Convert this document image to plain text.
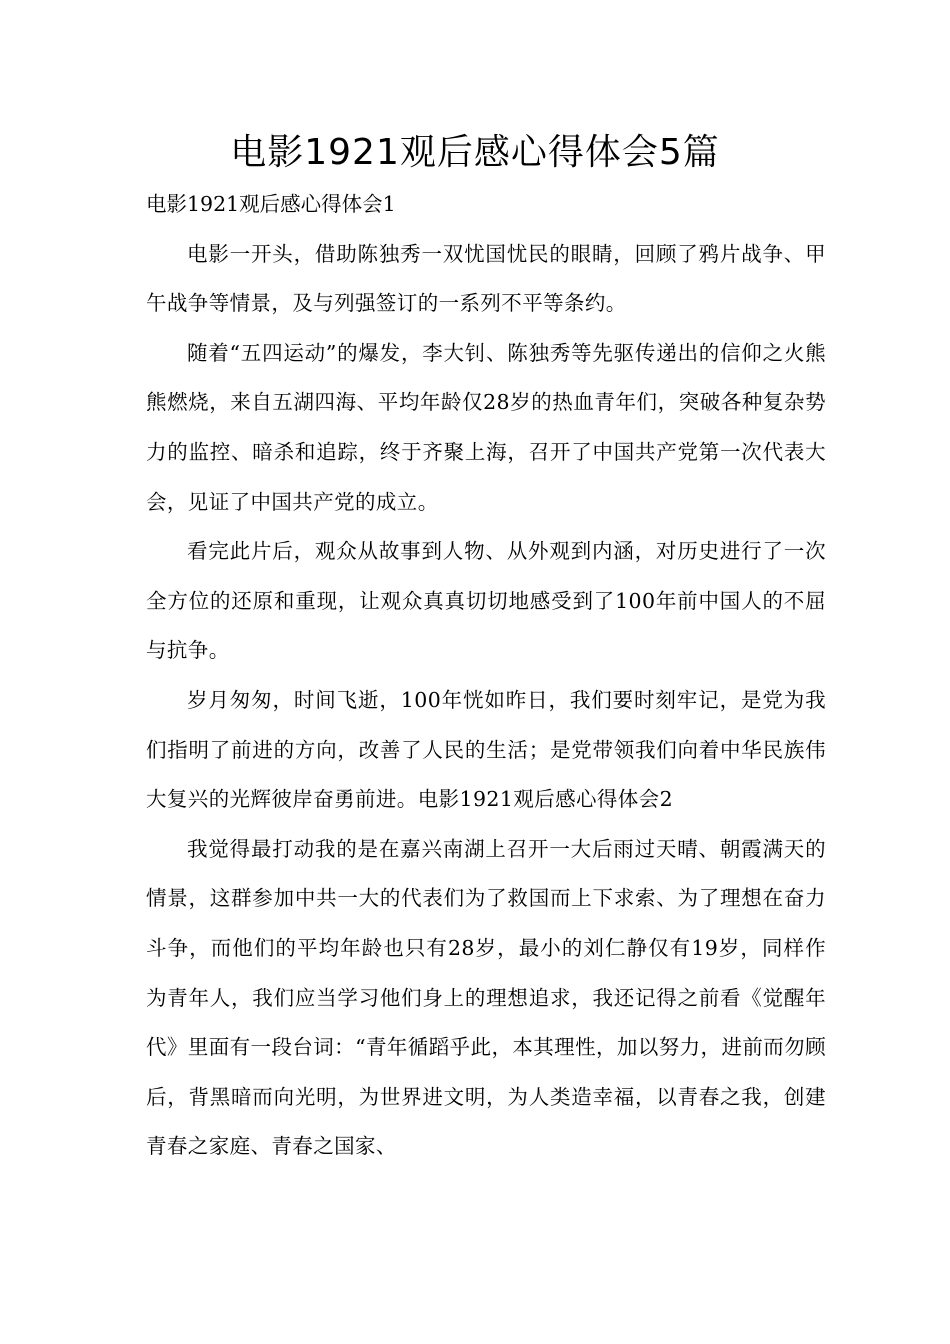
电影1921观后感心得体会5篇

电影1921观后感心得体会1

电影一开头，借助陈独秀一双忧国忧民的眼睛，回顾了鸦片战争、甲午战争等情景，及与列强签订的一系列不平等条约。

随着“五四运动”的爆发，李大钊、陈独秀等先驱传递出的信仰之火熊熊燃烧，来自五湖四海、平均年龄仅28岁的热血青年们，突破各种复杂势力的监控、暗杀和追踪，终于齐聚上海，召开了中国共产党第一次代表大会，见证了中国共产党的成立。

看完此片后，观众从故事到人物、从外观到内涵，对历史进行了一次全方位的还原和重现，让观众真真切切地感受到了100年前中国人的不屈与抗争。

岁月匆匆，时间飞逝，100年恍如昨日，我们要时刻牢记，是党为我们指明了前进的方向，改善了人民的生活；是党带领我们向着中华民族伟大复兴的光辉彼岸奋勇前进。电影1921观后感心得体会2

我觉得最打动我的是在嘉兴南湖上召开一大后雨过天晴、朝霞满天的情景，这群参加中共一大的代表们为了救国而上下求索、为了理想在奋力斗争，而他们的平均年龄也只有28岁，最小的刘仁静仅有19岁，同样作为青年人，我们应当学习他们身上的理想追求，我还记得之前看《觉醒年代》里面有一段台词：“青年循蹈乎此，本其理性，加以努力，进前而勿顾后，背黑暗而向光明，为世界进文明，为人类造幸福，以青春之我，创建青春之家庭、青春之国家、
